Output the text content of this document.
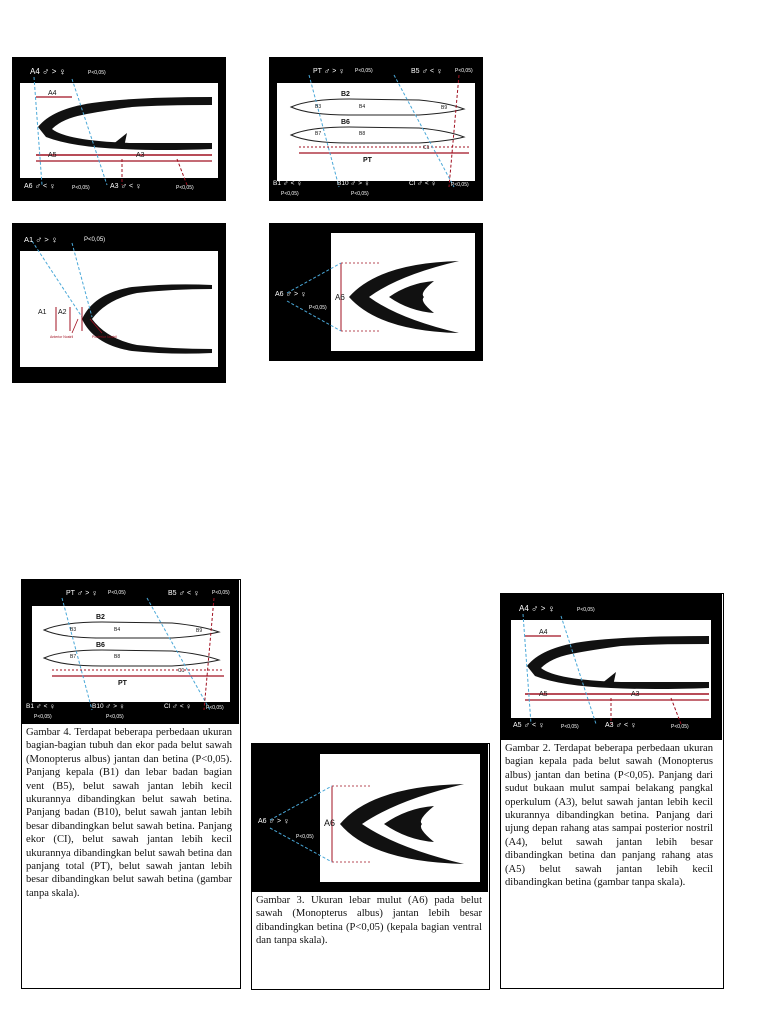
A4 ♂ > ♀	P<0,05)
A4
A5	A3
A6 ♂ < ♀	P<0,05)	A3 ♂ < ♀	P<0,05)
PT ♂ > ♀ P<0,05)	B5 ♂ < ♀ P<0,05)
B2
B3	B4	B9
B6
B7	B8
C1
PT
B1 ♂ < ♀
P<0,05)
B10 ♂ > ♀
P<0,05)
Cl ♂ < ♀	P<0,05)
A1 ♂ > ♀	P<0,05)
A1 A2
Anterior Nostril	Posterior Nostril
A6 ♂ > ♀
P<0,05)
A6
PT ♂ > ♀ P<0,05)	B5 ♂ < ♀ P<0,05)
B2
B3	B4	B9
B6
B7	B8
C1
PT
B1 ♂ < ♀
P<0,05)
B10 ♂ > ♀
P<0,05)
Cl ♂ < ♀	P<0,05)

Gambar 4. Terdapat beberapa perbedaan ukuran bagian-bagian tubuh dan ekor pada belut sawah (Monopterus albus) jantan dan betina (P<0,05). Panjang kepala (B1) dan lebar badan bagian vent (B5), belut sawah jantan lebih kecil ukurannya dibandingkan belut sawah betina. Panjang badan (B10), belut sawah jantan lebih besar dibandingkan belut sawah betina. Panjang ekor (CI), belut sawah jantan lebih kecil ukurannya dibandingkan belut sawah betina dan panjang total (PT), belut sawah jantan lebih besar dibandingkan belut sawah betina (gambar tanpa skala).

A6 ♂ > ♀
P<0,05)
A6

Gambar 3. Ukuran lebar mulut (A6) pada belut sawah (Monopterus albus) jantan lebih besar dibandingkan betina (P<0,05) (kepala bagian ventral dan tanpa skala).

A4 ♂ > ♀	P<0,05)
A4
A5	A3
A5 ♂ < ♀	P<0,05)	A3 ♂ < ♀	P<0,05)

Gambar 2. Terdapat beberapa perbedaan ukuran bagian kepala pada belut sawah (Monopterus albus) jantan dan betina (P<0,05). Panjang dari sudut bukaan mulut sampai belakang pangkal operkulum (A3), belut sawah jantan lebih kecil ukurannya dibandingkan betina. Panjang dari ujung depan rahang atas sampai posterior nostril (A4), belut sawah jantan lebih besar dibandingkan betina dan panjang rahang atas (A5) belut sawah jantan lebih kecil dibandingkan betina (gambar tanpa skala).
